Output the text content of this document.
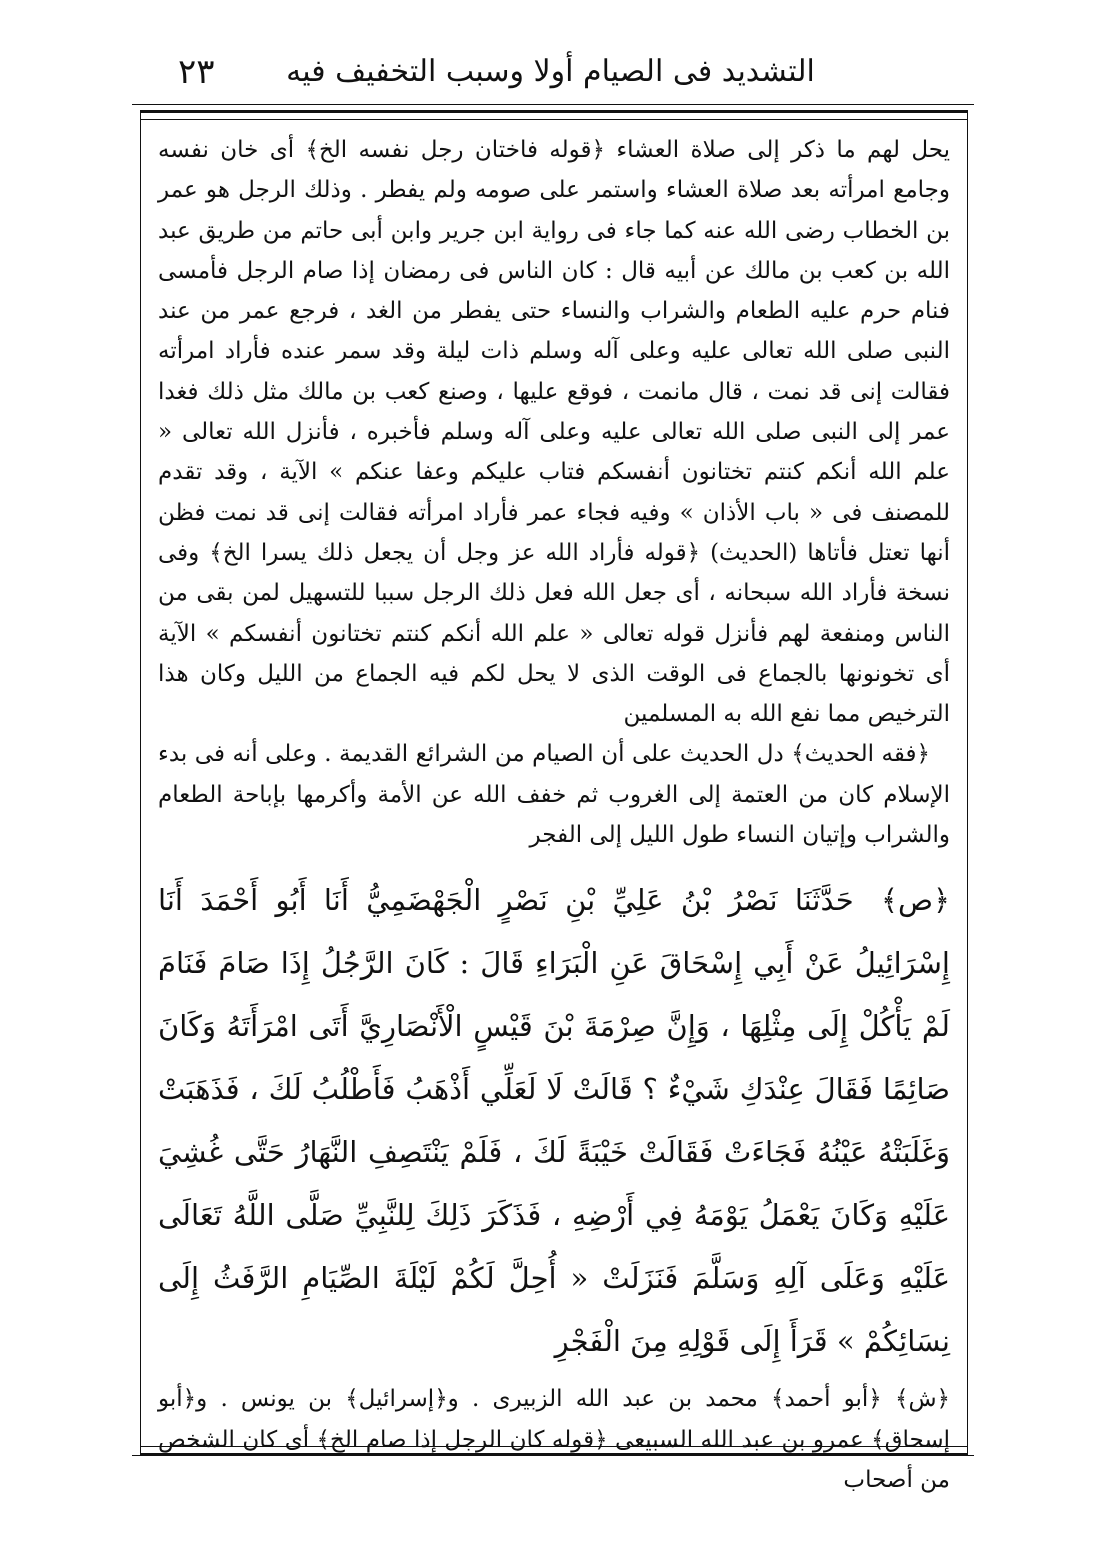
٢٣	التشديد فى الصيام أولا وسبب التخفيف فيه

يحل لهم ما ذكر إلى صلاة العشاء ﴿قوله فاختان رجل نفسه الخ﴾ أى خان نفسه وجامع امرأته بعد صلاة العشاء واستمر على صومه ولم يفطر . وذلك الرجل هو عمر بن الخطاب رضى الله عنه كما جاء فى رواية ابن جرير وابن أبى حاتم من طريق عبد الله بن كعب بن مالك عن أبيه قال : كان الناس فى رمضان إذا صام الرجل فأمسى فنام حرم عليه الطعام والشراب والنساء حتى يفطر من الغد ، فرجع عمر من عند النبى صلى الله تعالى عليه وعلى آله وسلم ذات ليلة وقد سمر عنده فأراد امرأته فقالت إنى قد نمت ، قال مانمت ، فوقع عليها ، وصنع كعب بن مالك مثل ذلك فغدا عمر إلى النبى صلى الله تعالى عليه وعلى آله وسلم فأخبره ، فأنزل الله تعالى « علم الله أنكم كنتم تختانون أنفسكم فتاب عليكم وعفا عنكم » الآية ، وقد تقدم للمصنف فى « باب الأذان » وفيه فجاء عمر فأراد امرأته فقالت إنى قد نمت فظن أنها تعتل فأتاها (الحديث) ﴿قوله فأراد الله عز وجل أن يجعل ذلك يسرا الخ﴾ وفى نسخة فأراد الله سبحانه ، أى جعل الله فعل ذلك الرجل سببا للتسهيل لمن بقى من الناس ومنفعة لهم فأنزل قوله تعالى « علم الله أنكم كنتم تختانون أنفسكم » الآية أى تخونونها بالجماع فى الوقت الذى لا يحل لكم فيه الجماع من الليل وكان هذا الترخيص مما نفع الله به المسلمين

﴿فقه الحديث﴾ دل الحديث على أن الصيام من الشرائع القديمة . وعلى أنه فى بدء الإسلام كان من العتمة إلى الغروب ثم خفف الله عن الأمة وأكرمها بإباحة الطعام والشراب وإتيان النساء طول الليل إلى الفجر

﴿ص﴾ حَدَّثَنَا نَصْرُ بْنُ عَلِيِّ بْنِ نَصْرٍ الْجَهْضَمِيُّ أَنَا أَبُو أَحْمَدَ أَنَا إِسْرَائِيلُ عَنْ أَبِي إِسْحَاقَ عَنِ الْبَرَاءِ قَالَ : كَانَ الرَّجُلُ إِذَا صَامَ فَنَامَ لَمْ يَأْكُلْ إِلَى مِثْلِهَا ، وَإِنَّ صِرْمَةَ بْنَ قَيْسٍ الْأَنْصَارِيَّ أَتَى امْرَأَتَهُ وَكَانَ صَائِمًا فَقَالَ عِنْدَكِ شَيْءٌ ؟ قَالَتْ لَا لَعَلِّي أَذْهَبُ فَأَطْلُبُ لَكَ ، فَذَهَبَتْ وَغَلَبَتْهُ عَيْنُهُ فَجَاءَتْ فَقَالَتْ خَيْبَةً لَكَ ، فَلَمْ يَنْتَصِفِ النَّهَارُ حَتَّى غُشِيَ عَلَيْهِ وَكَانَ يَعْمَلُ يَوْمَهُ فِي أَرْضِهِ ، فَذَكَرَ ذَلِكَ لِلنَّبِيِّ صَلَّى اللَّهُ تَعَالَى عَلَيْهِ وَعَلَى آلِهِ وَسَلَّمَ فَنَزَلَتْ « أُحِلَّ لَكُمْ لَيْلَةَ الصِّيَامِ الرَّفَثُ إِلَى نِسَائِكُمْ » قَرَأَ إِلَى قَوْلِهِ مِنَ الْفَجْرِ

﴿ش﴾ ﴿أبو أحمد﴾ محمد بن عبد الله الزبيرى . و﴿إسرائيل﴾ بن يونس . و﴿أبو إسحاق﴾ عمرو بن عبد الله السبيعى ﴿قوله كان الرجل إذا صام الخ﴾ أى كان الشخص من أصحاب
